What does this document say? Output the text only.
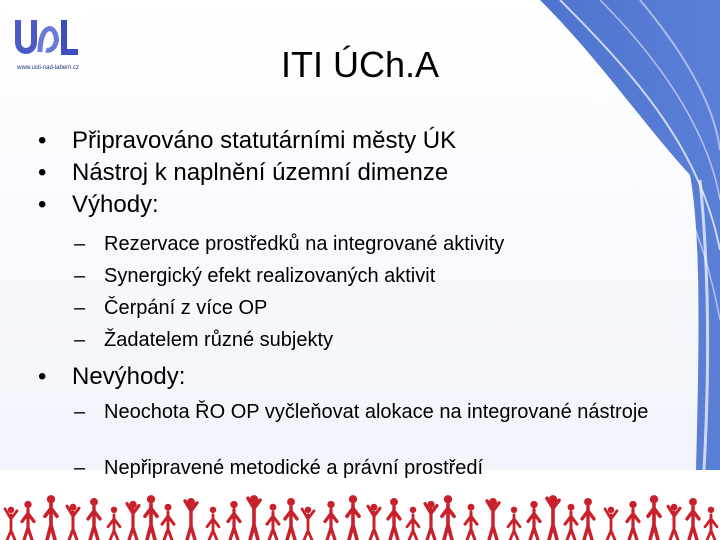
www.usti-nad-labem.cz	ITI ÚCh.A
•	Připravováno statutárními městy ÚK
•	Nástroj k naplnění územní dimenze
•	Výhody:
– Rezervace prostředků na integrované aktivity
– Synergický efekt realizovaných aktivit
– Čerpání z více OP
– Žadatelem různé subjekty
•	Nevýhody:
– Neochota ŘO OP vyčleňovat alokace na integrované nástroje
– Nepřipravené metodické a právní prostředí
